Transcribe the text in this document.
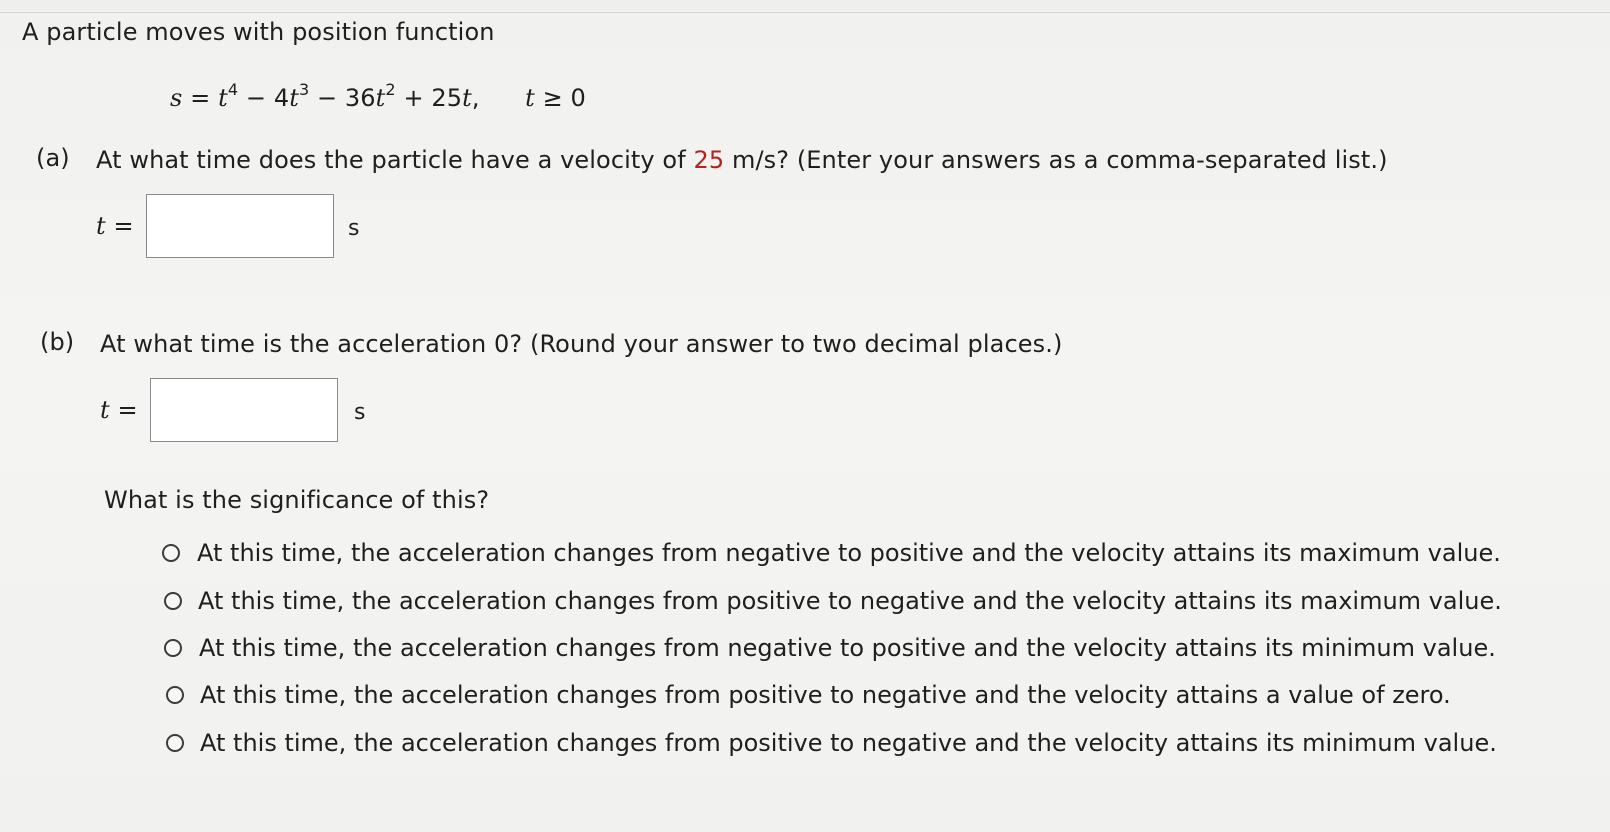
A particle moves with position function
$s = t^4 - 4t^3 - 36t^2 + 25t$, t ≥ 0
(a) At what time does the particle have a velocity of 25 m/s? (Enter your answers as a comma-separated list.)
t =	s
(b) At what time is the acceleration 0? (Round your answer to two decimal places.)
t =	s
What is the significance of this?
At this time, the acceleration changes from negative to positive and the velocity attains its maximum value.
At this time, the acceleration changes from positive to negative and the velocity attains its maximum value.
At this time, the acceleration changes from negative to positive and the velocity attains its minimum value.
At this time, the acceleration changes from positive to negative and the velocity attains a value of zero.
At this time, the acceleration changes from positive to negative and the velocity attains its minimum value.
